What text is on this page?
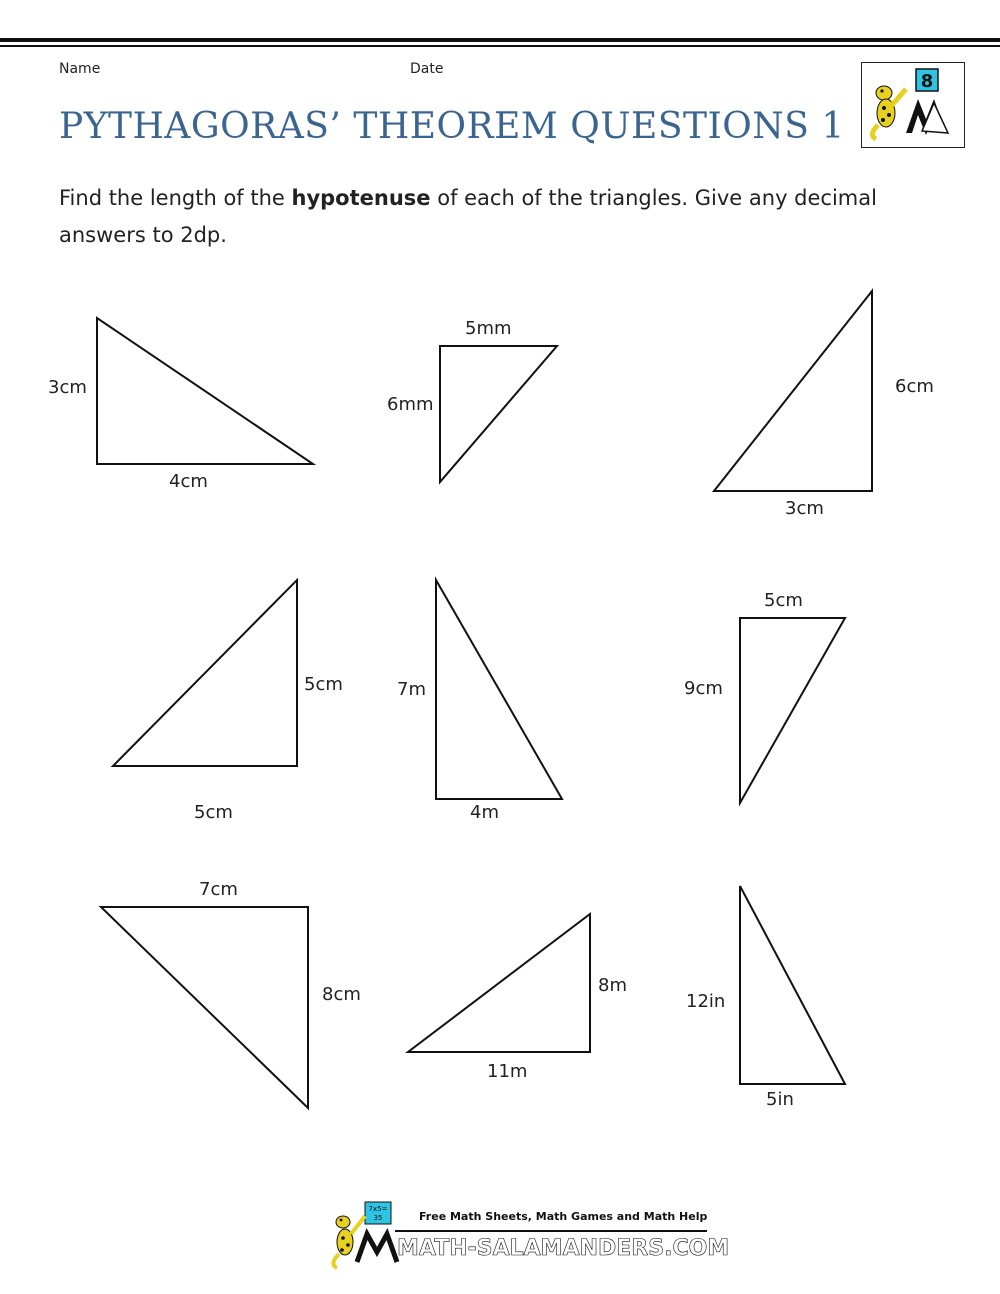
Name	Date
PYTHAGORAS’ THEOREM QUESTIONS 1
8
Find the length of the hypotenuse of each of the triangles. Give any decimal answers to 2dp.
3cm
4cm
5mm
6mm
6cm
3cm
5cm
5cm
7m
4m
5cm
9cm
7cm
8cm	8m
11m
12in
5in
7x5=
35	Free Math Sheets, Math Games and Math Help
MATH-SALAMANDERS.COM
